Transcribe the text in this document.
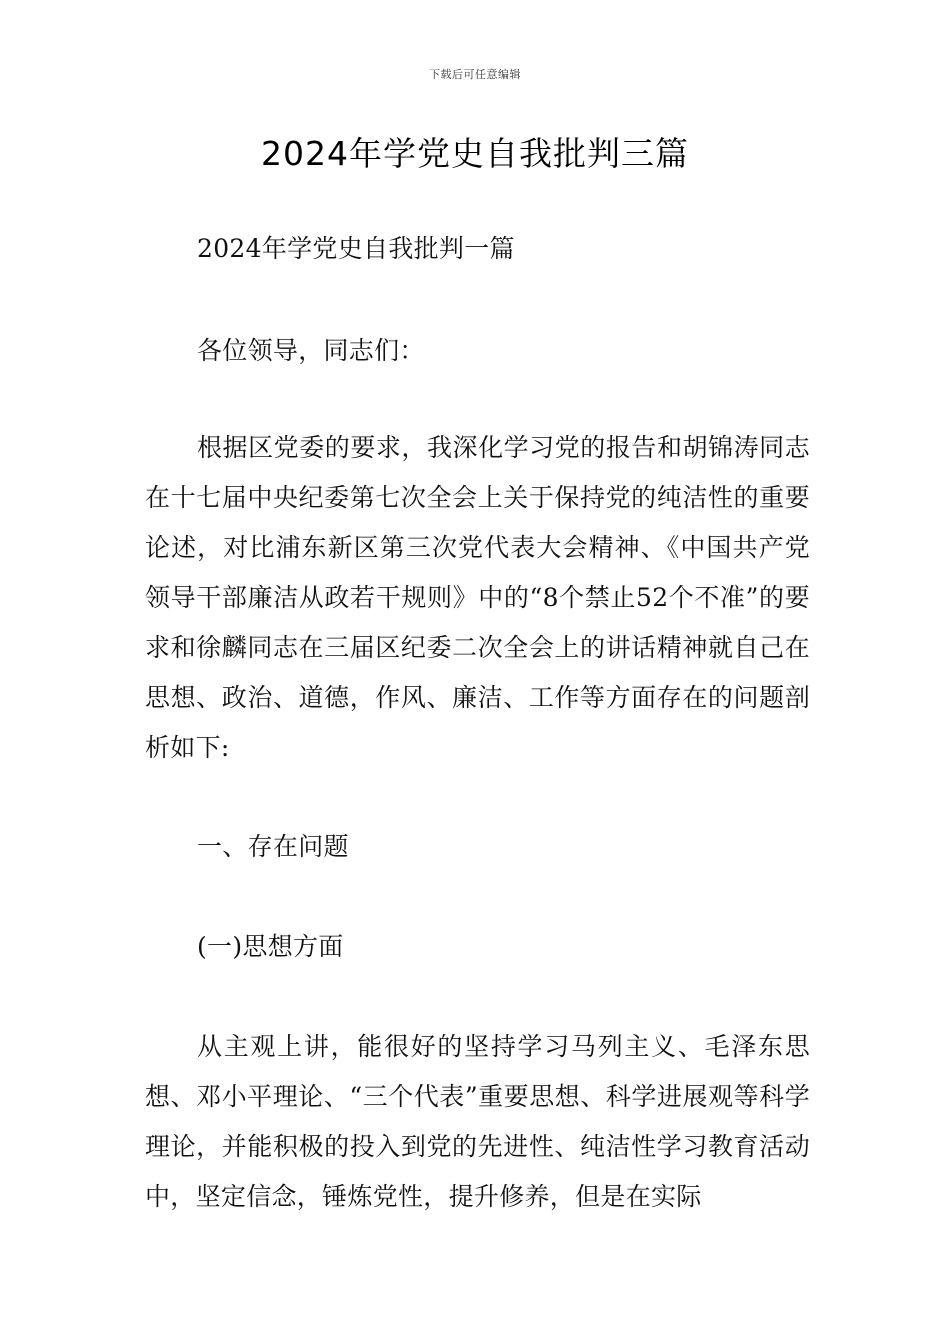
下载后可任意编辑
2024年学党史自我批判三篇

2024年学党史自我批判一篇

各位领导，同志们：

根据区党委的要求，我深化学习党的报告和胡锦涛同志在十七届中央纪委第七次全会上关于保持党的纯洁性的重要论述，对比浦东新区第三次党代表大会精神、《中国共产党领导干部廉洁从政若干规则》中的“8个禁止52个不准”的要求和徐麟同志在三届区纪委二次全会上的讲话精神就自己在思想、政治、道德，作风、廉洁、工作等方面存在的问题剖析如下:

一、存在问题

(一)思想方面

从主观上讲，能很好的坚持学习马列主义、毛泽东思想、邓小平理论、“三个代表”重要思想、科学进展观等科学理论，并能积极的投入到党的先进性、纯洁性学习教育活动中，坚定信念，锤炼党性，提升修养，但是在实际
